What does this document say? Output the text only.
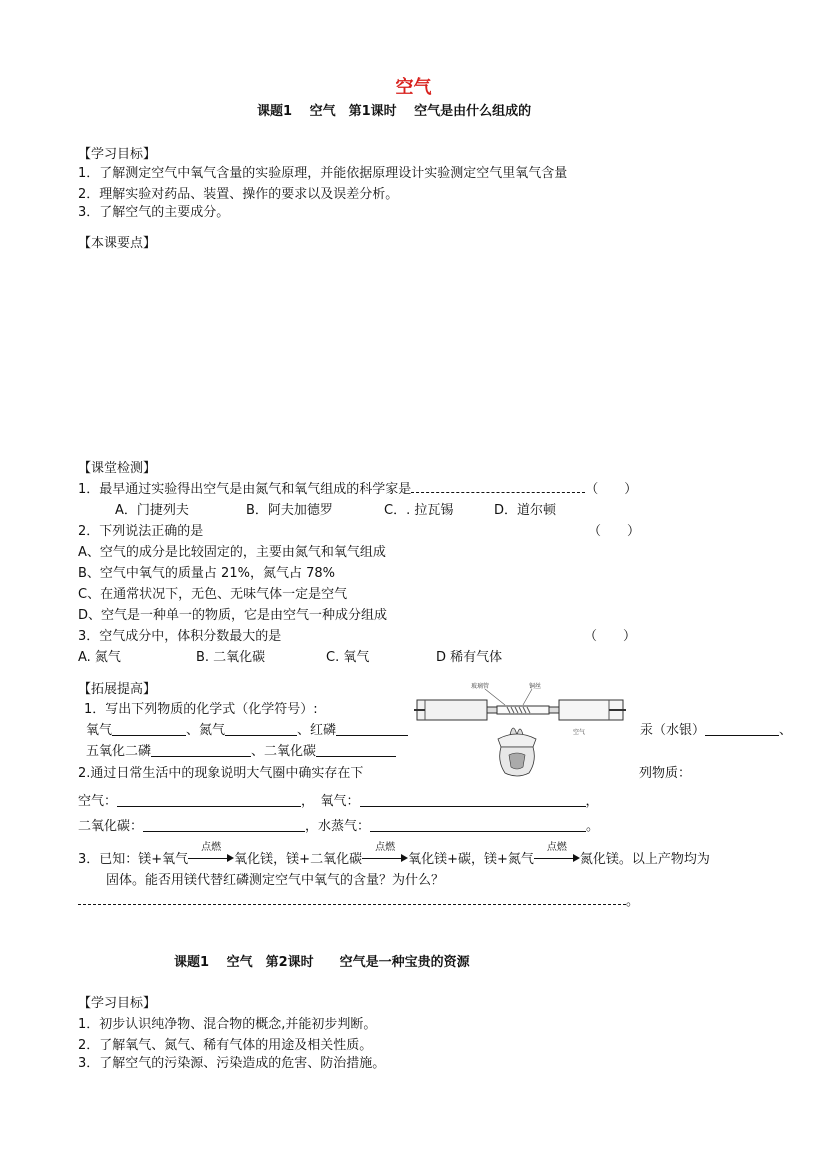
空气
课题1　 空气　第1课时　 空气是由什么组成的
【学习目标】
1．了解测定空气中氧气含量的实验原理，并能依据原理设计实验测定空气里氧气含量
2．理解实验对药品、装置、操作的要求以及误差分析。
3．了解空气的主要成分。
【本课要点】
【课堂检测】
1．最早通过实验得出空气是由氮气和氧气组成的科学家是	（　　）
A．门捷列夫	B．阿夫加德罗	C．. 拉瓦锡	D．道尔顿
2．下列说法正确的是	（　　）
A、空气的成分是比较固定的，主要由氮气和氧气组成
B、空气中氧气的质量占 21%，氮气占 78%
C、在通常状况下，无色、无味气体一定是空气
D、空气是一种单一的物质，它是由空气一种成分组成
3．空气成分中，体积分数最大的是	（　　）
A. 氮气	B. 二氧化碳	C. 氧气	D 稀有气体
【拓展提高】
1．写出下列物质的化学式（化学符号）:
氧气	、氮气	、红磷	汞（水银）	、
五氧化二磷	、二氧化碳
玻璃管	铜丝
空气
2.通过日常生活中的现象说明大气圈中确实存在下	列物质：
空气：	，　氧气：	，
二氧化碳：	，水蒸气：	。
3．已知：镁+氧气
点燃
氧化镁，镁+二氧化碳
点燃
氧化镁+碳，镁+氮气
点燃
氮化镁。以上产物均为
固体。能否用镁代替红磷测定空气中氧气的含量？为什么？
。
课题1　 空气　第2课时　　空气是一种宝贵的资源
【学习目标】
1．初步认识纯净物、混合物的概念,并能初步判断。
2．了解氧气、氮气、稀有气体的用途及相关性质。
3．了解空气的污染源、污染造成的危害、防治措施。
